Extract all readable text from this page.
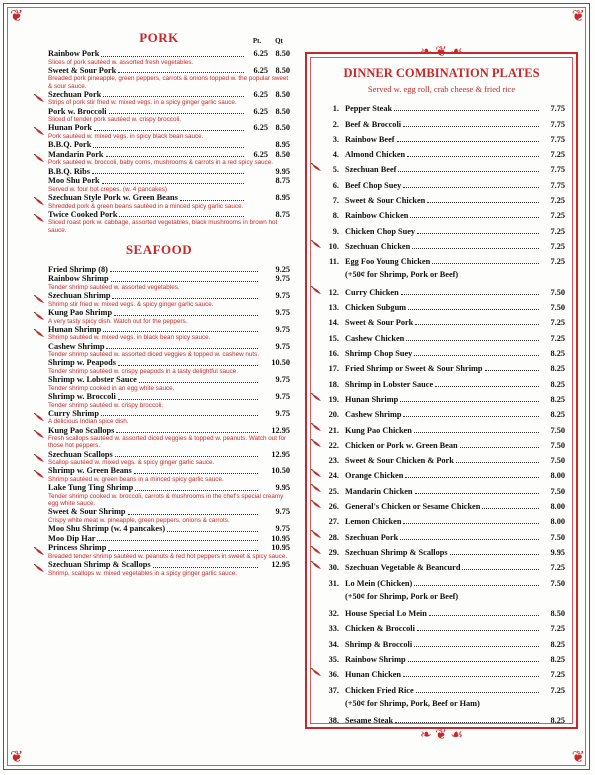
❦	❦
❦	❦
PORK
Rainbow Pork	6.25 8.50
Slices of pork sautéed w. assorted fresh vegetables.
Sweet & Sour Pork	6.25 8.50
Breaded pork pineapple, green peppers, carrots & onions topped w. the popular sweet & sour sauce.
Szechuan Pork	6.25 8.50
Strips of pork stir fried w. mixed vegs. in a spicy ginger garlic sauce.
Pork w. Broccoli	6.25 8.50
Sliced of tender pork sautéed w. crispy broccoli.
Hunan Pork	6.25 8.50
Pork sautéed w. mixed vegs. in spicy black bean sauce.
B.B.Q. Pork	8.95
Mandarin Pork	6.25 8.50
Pork sautéed w. broccoli, baby corns, mushrooms & carrots in a red spicy sauce.
B.B.Q. Ribs	9.95
Moo Shu Pork	8.75
Served w. four hot crepes. (w. 4 pancakes)
Szechuan Style Pork w. Green Beans	8.95
Shredded pork & green beans sautéed in a minced spicy garlic sauce.
Twice Cooked Pork	8.75
Sliced roast pork w. cabbage, assorted vegetables, black mushrooms in brown hot sauce.
SEAFOOD
Fried Shrimp (8)	9.25
Rainbow Shrimp	9.75
Tender shrimp sautéed w. assorted vegetables.
Szechuan Shrimp	9.75
Shrimp stir fried w. mixed vegs. & spicy ginger garlic sauce.
Kung Pao Shrimp	9.75
A very tasty spicy dish. Watch out for the peppers.
Hunan Shrimp	9.75
Shrimp sautéed w. mixed vegs. in black bean spicy sauce.
Cashew Shrimp	9.75
Tender shrimp sautéed w. assorted diced veggies & topped w. cashew nuts.
Shrimp w. Peapods	10.50
Tender shrimp sautéed w. crispy peapods in a tasty delightful sauce.
Shrimp w. Lobster Sauce	9.75
Tender shrimp cooked in an egg white sauce.
Shrimp w. Broccoli	9.75
Tender shrimp sautéed w. crispy broccoli.
Curry Shrimp	9.75
A delicious Indian spice dish.
Kung Pao Scallops	12.95
Fresh scallops sautéed w. assorted diced veggies & topped w. peanuts. Watch out for those hot peppers.
Szechuan Scallops	12.95
Scallop sautéed w. mixed vegs. & spicy ginger garlic sauce.
Shrimp w. Green Beans	10.50
Shrimp sautéed w. green beans in a minced spicy garlic sauce.
Lake Tung Ting Shrimp	9.95
Tender shrimp cooked w. broccoli, carrots & mushrooms in the chef's special creamy egg white sauce.
Sweet & Sour Shrimp	9.75
Crispy white meat w. pineapple, green peppers, onions & carrots.
Moo Shu Shrimp (w. 4 pancakes)	9.75
Moo Dip Har	10.95
Princess Shrimp	10.95
Breaded tender shrimp sautéed w. peanuts & red hot peppers in sweet & spicy sauce.
Szechuan Shrimp & Scallops	12.95
Shrimp, scallops w. mixed vegetables in a spicy ginger garlic sauce.
Pt. Qt
❧ ❦ ☙
❧ ❦ ☙
DINNER COMBINATION PLATES
Served w. egg roll, crab cheese & fried rice
1. Pepper Steak	7.75
2. Beef & Broccoli	7.75
3. Rainbow Beef	7.75
4. Almond Chicken	7.25
5. Szechuan Beef	7.75
6. Beef Chop Suey	7.75
7. Sweet & Sour Chicken	7.25
8. Rainbow Chicken	7.25
9. Chicken Chop Suey	7.25
10. Szechuan Chicken	7.25
11. Egg Foo Young Chicken	7.25
(+50¢ for Shrimp, Pork or Beef)
12. Curry Chicken	7.50
13. Chicken Subgum	7.50
14. Sweet & Sour Pork	7.25
15. Cashew Chicken	7.25
16. Shrimp Chop Suey	8.25
17. Fried Shrimp or Sweet & Sour Shrimp	8.25
18. Shrimp in Lobster Sauce	8.25
19. Hunan Shrimp	8.25
20. Cashew Shrimp	8.25
21. Kung Pao Chicken	7.50
22. Chicken or Pork w. Green Bean	7.50
23. Sweet & Sour Chicken & Pork	7.50
24. Orange Chicken	8.00
25. Mandarin Chicken	7.50
26. General's Chicken or Sesame Chicken	8.00
27. Lemon Chicken	8.00
28. Szechuan Pork	7.50
29. Szechuan Shrimp & Scallops	9.95
30. Szechuan Vegetable & Beancurd	7.25
31. Lo Mein (Chicken)	7.50
(+50¢ for Shrimp, Pork or Beef)
32. House Special Lo Mein	8.50
33. Chicken & Broccoli	7.25
34. Shrimp & Broccoli	8.25
35. Rainbow Shrimp	8.25
36. Hunan Chicken	7.25
37. Chicken Fried Rice	7.25
(+50¢ for Shrimp, Pork, Beef or Ham)
38. Sesame Steak	8.25
